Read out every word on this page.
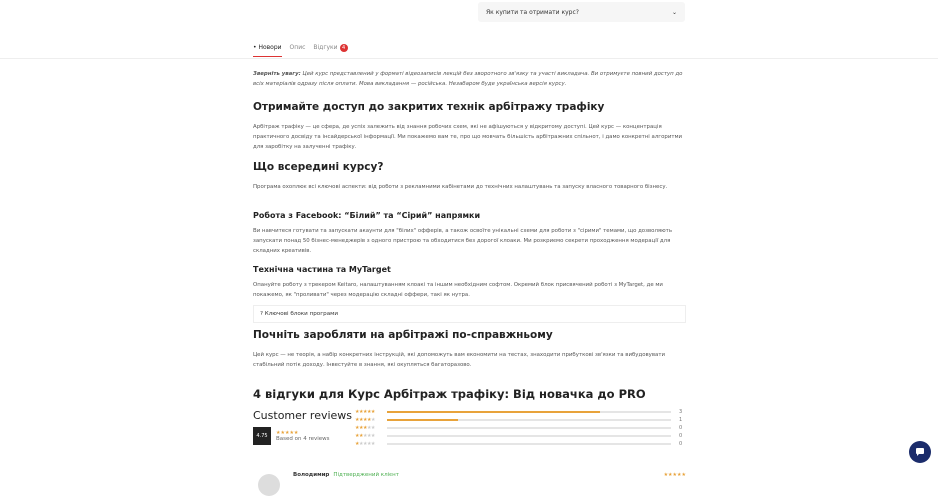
Як купити та отримати курс?	⌄
• Новори Опис Відгуки 4

Зверніть увагу: Цей курс представлений у форматі відеозаписів лекцій без зворотного зв'язку та участі викладача. Ви отримуєте повний доступ до всіх матеріалів одразу після оплати. Мова викладання — російська. Незабаром буде українська версія курсу.

Отримайте доступ до закритих технік арбітражу трафіку

Арбітраж трафіку — це сфера, де успіх залежить від знання робочих схем, які не афішуються у відкритому доступі. Цей курс — концентрація практичного досвіду та інсайдерської інформації. Ми покажемо вам те, про що мовчать більшість арбітражних спільнот, і дамо конкретні алгоритми для заробітку на залученні трафіку.

Що всередині курсу?

Програма охоплює всі ключові аспекти: від роботи з рекламними кабінетами до технічних налаштувань та запуску власного товарного бізнесу.

Робота з Facebook: “Білий” та “Сірий” напрямки

Ви навчитеся готувати та запускати акаунти для "білих" офферів, а також освоїте унікальні схеми для роботи з "сірими" темами, що дозволяють запускати понад 50 бізнес-менеджерів з одного пристрою та обходитися без дорогої клоаки. Ми розкриємо секрети проходження модерації для складних креативів.

Технічна частина та MyTarget

Опануйте роботу з трекером Keitaro, налаштуванням клоакі та іншим необхідним софтом. Окремий блок присвячений роботі з MyTarget, де ми покажемо, як "проливати" через модерацію складні оффери, такі як нутра.

? Ключові блоки програми
Почніть заробляти на арбітражі по-справжньому

Цей курс — не теорія, а набір конкретних інструкцій, які допоможуть вам економити на тестах, знаходити прибуткові зв'язки та вибудовувати стабільний потік доходу. Інвестуйте в знання, які окупляться багаторазово.

4 відгуки для Курс Арбітраж трафіку: Від новачка до PRO
Customer reviews
4.75	★★★★★
Based on 4 reviews
★★★★★	3
★★★★★	1
★★★★★	0
★★★★★	0
★★★★★	0
Володимир Підтверджений клієнт	★★★★★
